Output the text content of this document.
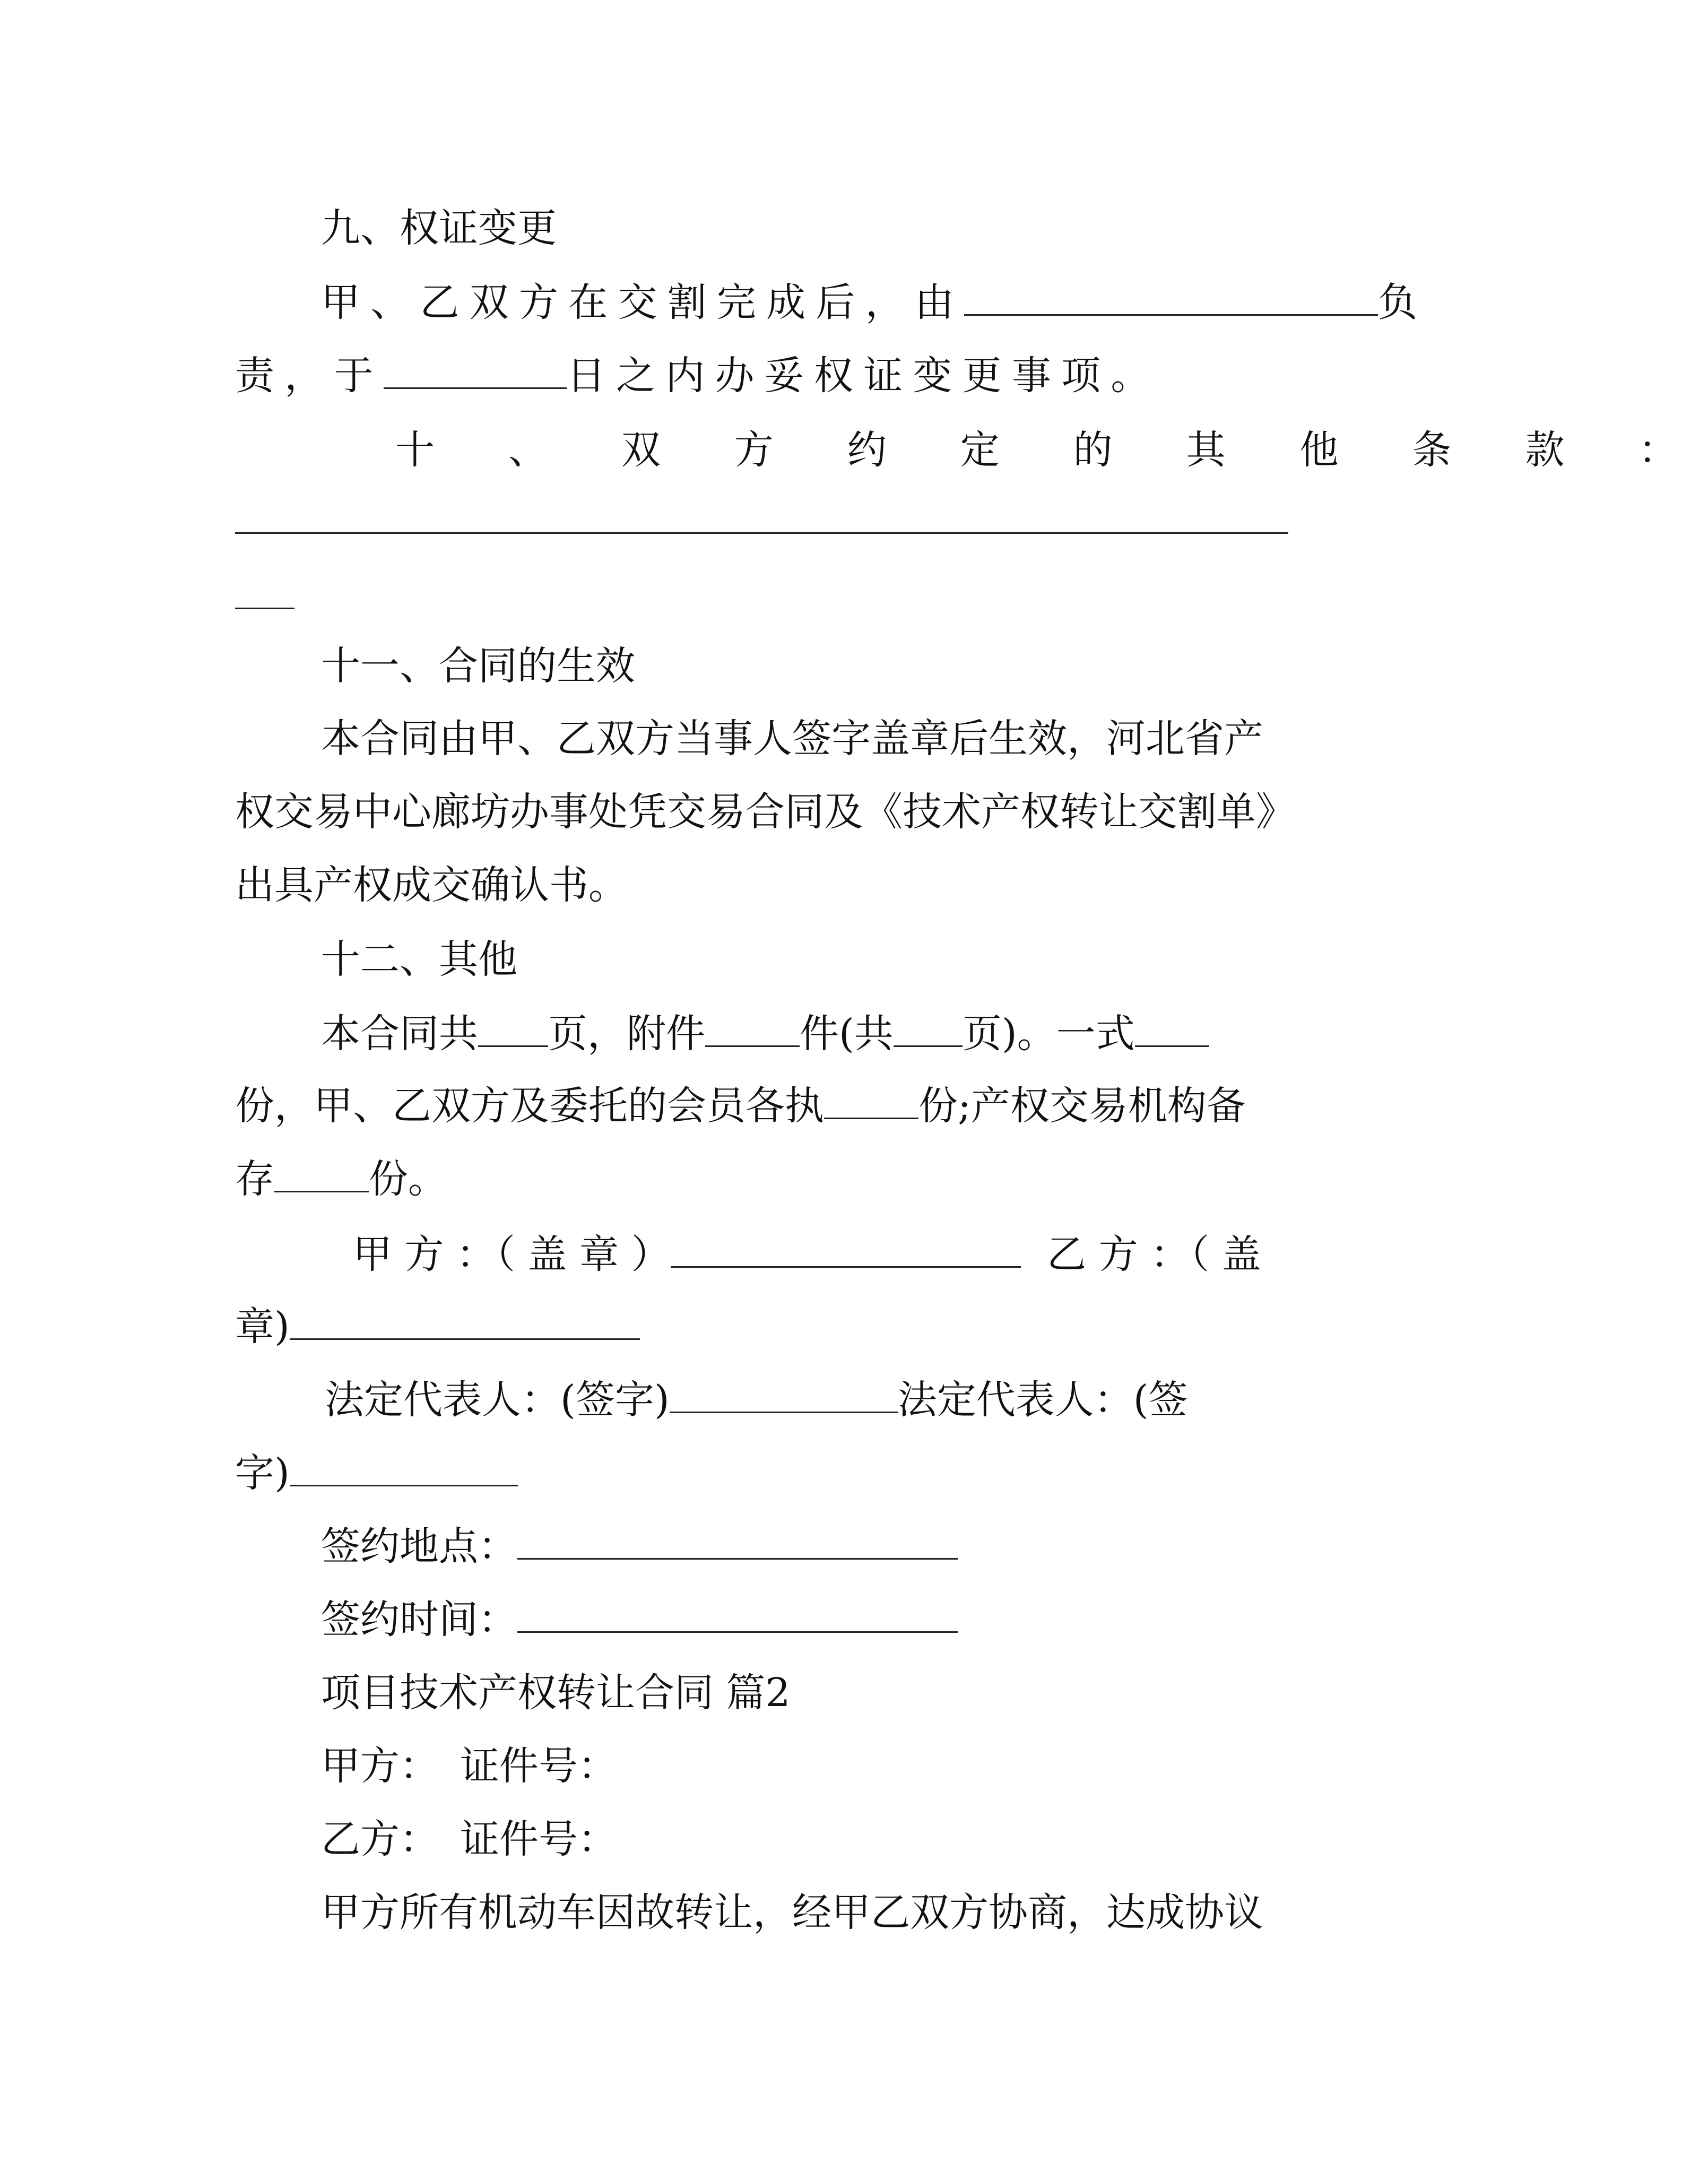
九、权证变更
甲、乙双方在交割完成后，由	负
责，于	日之内办妥权证变更事项。
十 、 双 方 约 定 的 其 他 条 款 ：
十一、合同的生效
本合同由甲、乙双方当事人签字盖章后生效，河北省产
权交易中心廊坊办事处凭交易合同及《技术产权转让交割单》
出具产权成交确认书。
十二、其他
本合同共 页，附件 件(共 页)。一式
份，甲、乙双方及委托的会员各执 份;产权交易机构备
存 份。
甲 方 ：（ 盖 章 ）	乙 方 ：（ 盖
章)
法定代表人：(签字)	法定代表人：(签
字)
签约地点：
签约时间：
项目技术产权转让合同 篇2
甲方： 证件号：
乙方： 证件号：
甲方所有机动车因故转让，经甲乙双方协商，达成协议
